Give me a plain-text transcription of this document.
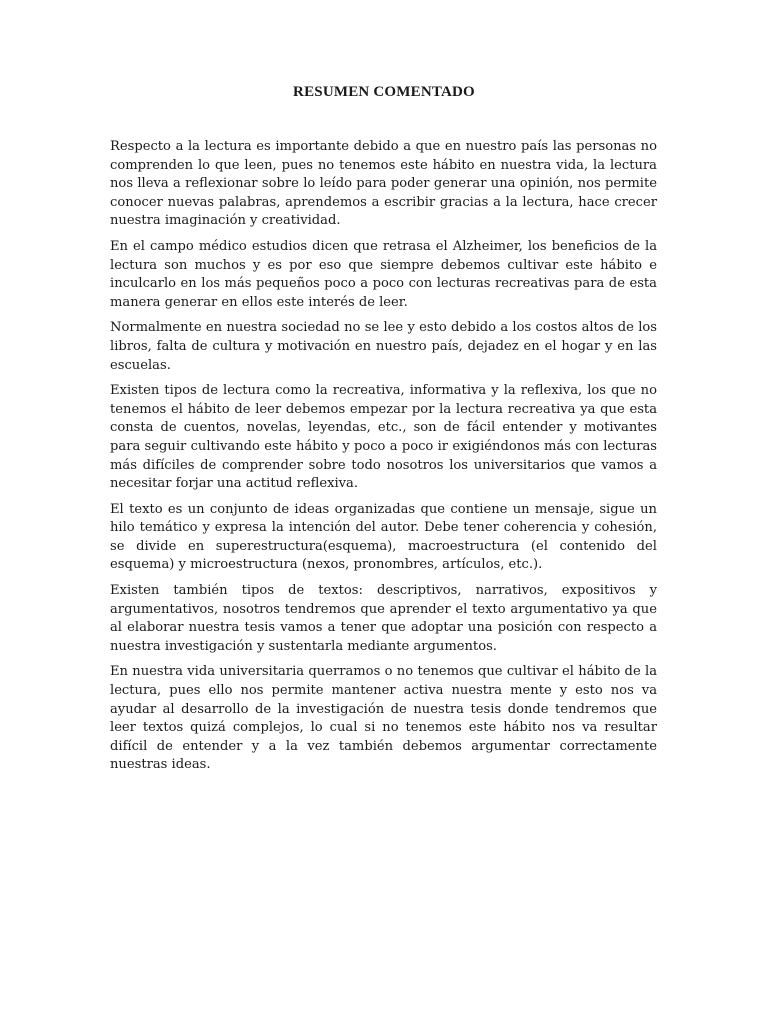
RESUMEN COMENTADO

Respecto a la lectura es importante debido a que en nuestro país las personas no comprenden lo que leen, pues no tenemos este hábito en nuestra vida, la lectura nos lleva a reflexionar sobre lo leído para poder generar una opinión, nos permite conocer nuevas palabras, aprendemos a escribir gracias a la lectura, hace crecer nuestra imaginación y creatividad.

En el campo médico estudios dicen que retrasa el Alzheimer, los beneficios de la lectura son muchos y es por eso que siempre debemos cultivar este hábito e inculcarlo en los más pequeños poco a poco con lecturas recreativas para de esta manera generar en ellos este interés de leer.

Normalmente en nuestra sociedad no se lee y esto debido a los costos altos de los libros, falta de cultura y motivación en nuestro país, dejadez en el hogar y en las escuelas.

Existen tipos de lectura como la recreativa, informativa y la reflexiva, los que no tenemos el hábito de leer debemos empezar por la lectura recreativa ya que esta consta de cuentos, novelas, leyendas, etc., son de fácil entender y motivantes para seguir cultivando este hábito y poco a poco ir exigiéndonos más con lecturas más difíciles de comprender sobre todo nosotros los universitarios que vamos a necesitar forjar una actitud reflexiva.

El texto es un conjunto de ideas organizadas que contiene un mensaje, sigue un hilo temático y expresa la intención del autor. Debe tener coherencia y cohesión, se divide en superestructura(esquema), macroestructura (el contenido del esquema) y microestructura (nexos, pronombres, artículos, etc.).

Existen también tipos de textos: descriptivos, narrativos, expositivos y argumentativos, nosotros tendremos que aprender el texto argumentativo ya que al elaborar nuestra tesis vamos a tener que adoptar una posición con respecto a nuestra investigación y sustentarla mediante argumentos.

En nuestra vida universitaria querramos o no tenemos que cultivar el hábito de la lectura, pues ello nos permite mantener activa nuestra mente y esto nos va ayudar al desarrollo de la investigación de nuestra tesis donde tendremos que leer textos quizá complejos, lo cual si no tenemos este hábito nos va resultar difícil de entender y a la vez también debemos argumentar correctamente nuestras ideas.
